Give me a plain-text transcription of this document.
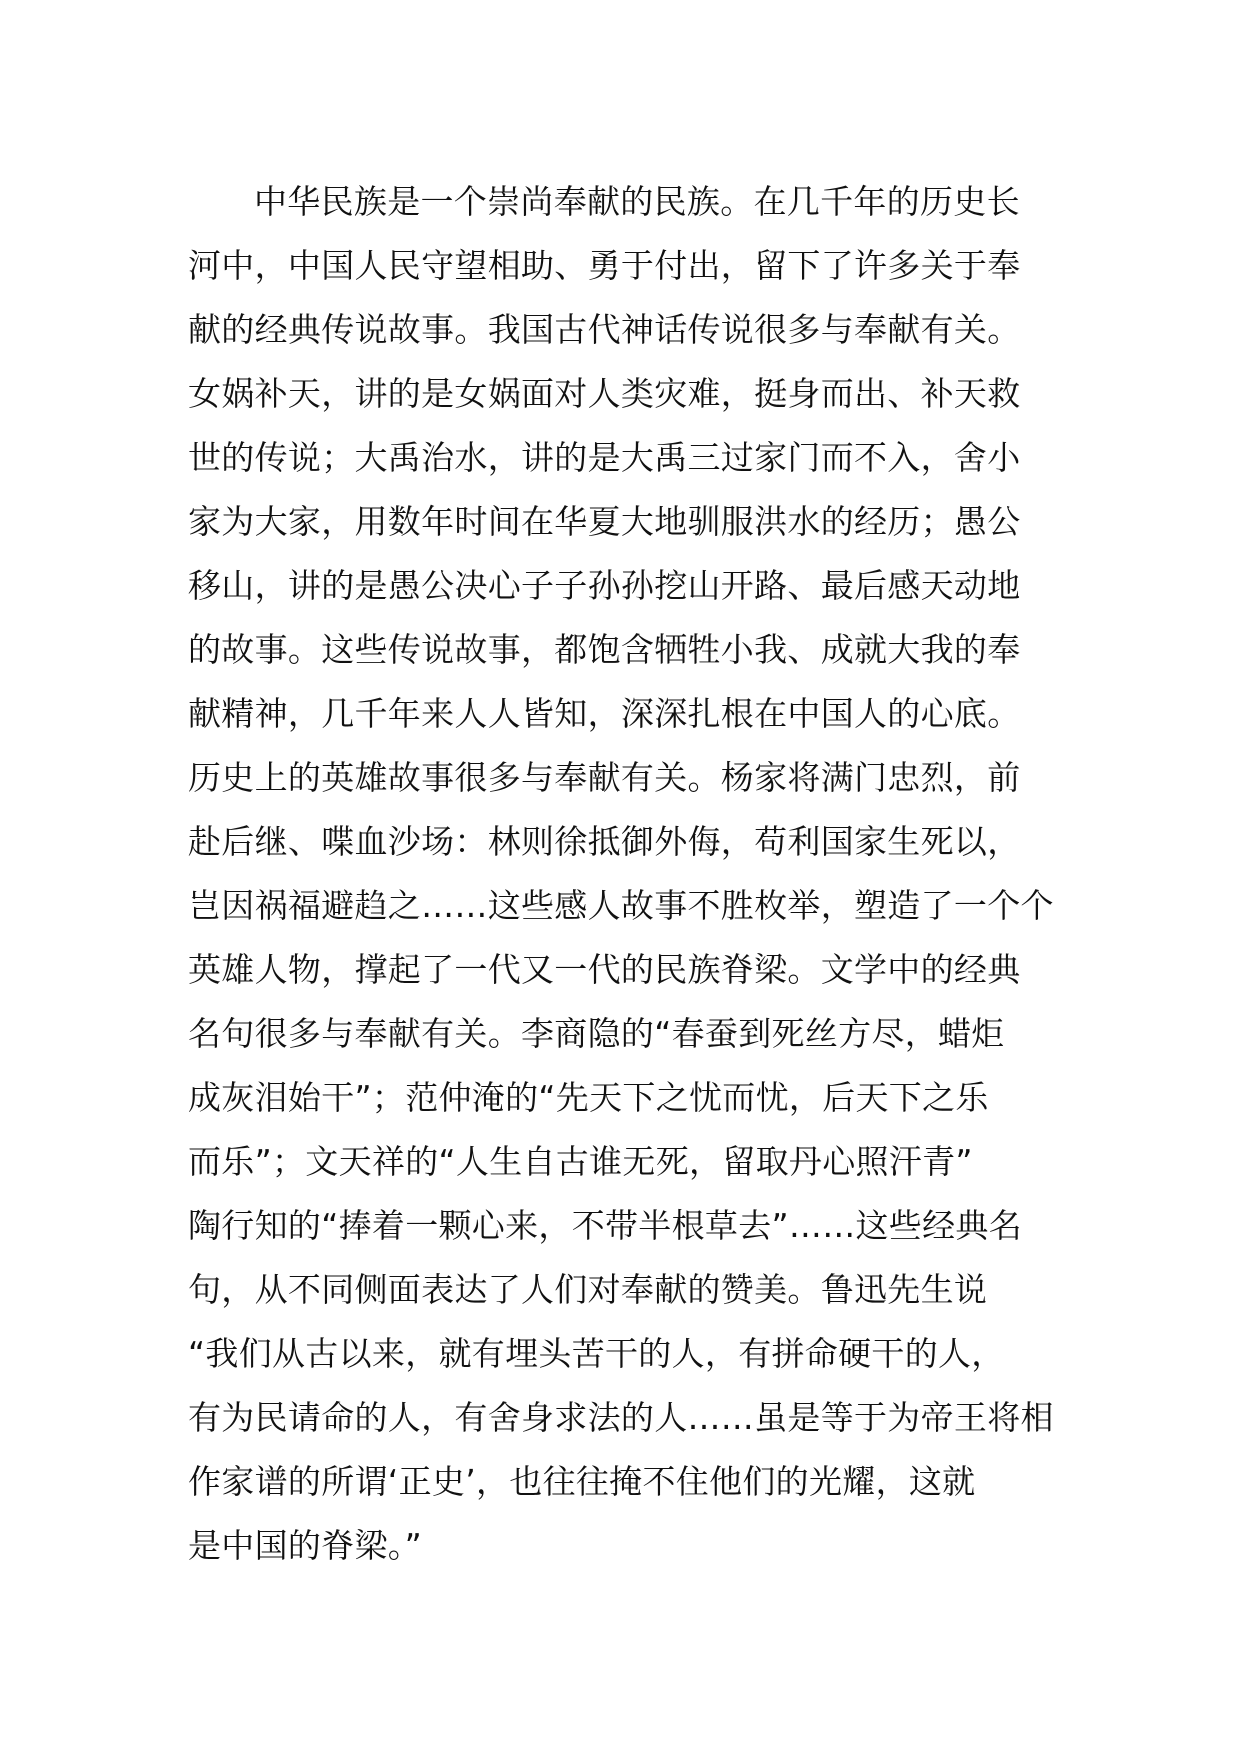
中华民族是一个崇尚奉献的民族。在几千年的历史长
河中，中国人民守望相助、勇于付出，留下了许多关于奉
献的经典传说故事。我国古代神话传说很多与奉献有关。
女娲补天，讲的是女娲面对人类灾难，挺身而出、补天救
世的传说；大禹治水，讲的是大禹三过家门而不入，舍小
家为大家，用数年时间在华夏大地驯服洪水的经历；愚公
移山，讲的是愚公决心子子孙孙挖山开路、最后感天动地
的故事。这些传说故事，都饱含牺牲小我、成就大我的奉
献精神，几千年来人人皆知，深深扎根在中国人的心底。
历史上的英雄故事很多与奉献有关。杨家将满门忠烈，前
赴后继、喋血沙场：林则徐抵御外侮，苟利国家生死以，
岂因祸福避趋之……这些感人故事不胜枚举，塑造了一个个
英雄人物，撑起了一代又一代的民族脊梁。文学中的经典
名句很多与奉献有关。李商隐的“春蚕到死丝方尽，蜡炬
成灰泪始干”；范仲淹的“先天下之忧而忧，后天下之乐
而乐”；文天祥的“人生自古谁无死，留取丹心照汗青”
陶行知的“捧着一颗心来，不带半根草去”……这些经典名
句，从不同侧面表达了人们对奉献的赞美。鲁迅先生说
“我们从古以来，就有埋头苦干的人，有拼命硬干的人，
有为民请命的人，有舍身求法的人……虽是等于为帝王将相
作家谱的所谓‘正史’，也往往掩不住他们的光耀，这就
是中国的脊梁。”
